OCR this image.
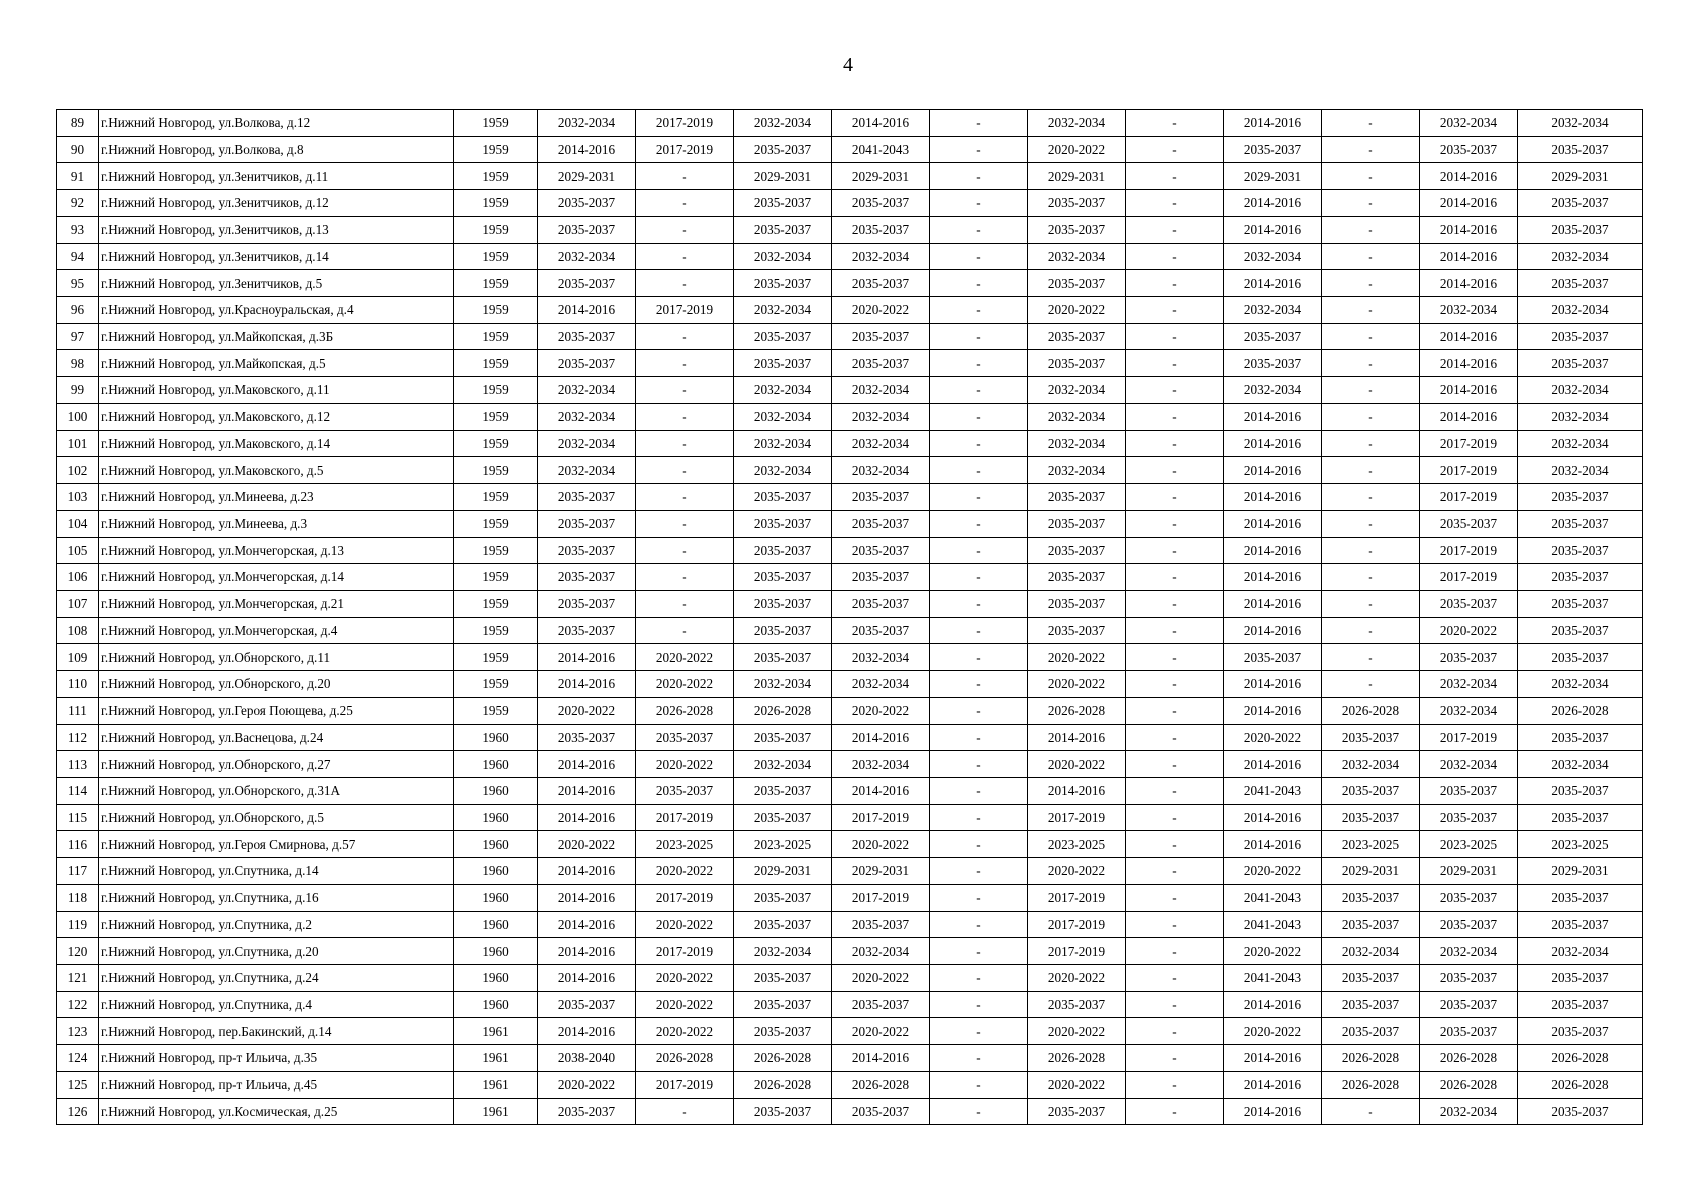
4
89	г.Нижний Новгород, ул.Волкова, д.12	1959	2032-2034	2017-2019	2032-2034	2014-2016	-	2032-2034	-	2014-2016	-	2032-2034	2032-2034
90	г.Нижний Новгород, ул.Волкова, д.8	1959	2014-2016	2017-2019	2035-2037	2041-2043	-	2020-2022	-	2035-2037	-	2035-2037	2035-2037
91	г.Нижний Новгород, ул.Зенитчиков, д.11	1959	2029-2031	-	2029-2031	2029-2031	-	2029-2031	-	2029-2031	-	2014-2016	2029-2031
92	г.Нижний Новгород, ул.Зенитчиков, д.12	1959	2035-2037	-	2035-2037	2035-2037	-	2035-2037	-	2014-2016	-	2014-2016	2035-2037
93	г.Нижний Новгород, ул.Зенитчиков, д.13	1959	2035-2037	-	2035-2037	2035-2037	-	2035-2037	-	2014-2016	-	2014-2016	2035-2037
94	г.Нижний Новгород, ул.Зенитчиков, д.14	1959	2032-2034	-	2032-2034	2032-2034	-	2032-2034	-	2032-2034	-	2014-2016	2032-2034
95	г.Нижний Новгород, ул.Зенитчиков, д.5	1959	2035-2037	-	2035-2037	2035-2037	-	2035-2037	-	2014-2016	-	2014-2016	2035-2037
96	г.Нижний Новгород, ул.Красноуральская, д.4	1959	2014-2016	2017-2019	2032-2034	2020-2022	-	2020-2022	-	2032-2034	-	2032-2034	2032-2034
97	г.Нижний Новгород, ул.Майкопская, д.3Б	1959	2035-2037	-	2035-2037	2035-2037	-	2035-2037	-	2035-2037	-	2014-2016	2035-2037
98	г.Нижний Новгород, ул.Майкопская, д.5	1959	2035-2037	-	2035-2037	2035-2037	-	2035-2037	-	2035-2037	-	2014-2016	2035-2037
99	г.Нижний Новгород, ул.Маковского, д.11	1959	2032-2034	-	2032-2034	2032-2034	-	2032-2034	-	2032-2034	-	2014-2016	2032-2034
100	г.Нижний Новгород, ул.Маковского, д.12	1959	2032-2034	-	2032-2034	2032-2034	-	2032-2034	-	2014-2016	-	2014-2016	2032-2034
101	г.Нижний Новгород, ул.Маковского, д.14	1959	2032-2034	-	2032-2034	2032-2034	-	2032-2034	-	2014-2016	-	2017-2019	2032-2034
102	г.Нижний Новгород, ул.Маковского, д.5	1959	2032-2034	-	2032-2034	2032-2034	-	2032-2034	-	2014-2016	-	2017-2019	2032-2034
103	г.Нижний Новгород, ул.Минеева, д.23	1959	2035-2037	-	2035-2037	2035-2037	-	2035-2037	-	2014-2016	-	2017-2019	2035-2037
104	г.Нижний Новгород, ул.Минеева, д.3	1959	2035-2037	-	2035-2037	2035-2037	-	2035-2037	-	2014-2016	-	2035-2037	2035-2037
105	г.Нижний Новгород, ул.Мончегорская, д.13	1959	2035-2037	-	2035-2037	2035-2037	-	2035-2037	-	2014-2016	-	2017-2019	2035-2037
106	г.Нижний Новгород, ул.Мончегорская, д.14	1959	2035-2037	-	2035-2037	2035-2037	-	2035-2037	-	2014-2016	-	2017-2019	2035-2037
107	г.Нижний Новгород, ул.Мончегорская, д.21	1959	2035-2037	-	2035-2037	2035-2037	-	2035-2037	-	2014-2016	-	2035-2037	2035-2037
108	г.Нижний Новгород, ул.Мончегорская, д.4	1959	2035-2037	-	2035-2037	2035-2037	-	2035-2037	-	2014-2016	-	2020-2022	2035-2037
109	г.Нижний Новгород, ул.Обнорского, д.11	1959	2014-2016	2020-2022	2035-2037	2032-2034	-	2020-2022	-	2035-2037	-	2035-2037	2035-2037
110	г.Нижний Новгород, ул.Обнорского, д.20	1959	2014-2016	2020-2022	2032-2034	2032-2034	-	2020-2022	-	2014-2016	-	2032-2034	2032-2034
111	г.Нижний Новгород, ул.Героя Поющева, д.25	1959	2020-2022	2026-2028	2026-2028	2020-2022	-	2026-2028	-	2014-2016	2026-2028	2032-2034	2026-2028
112	г.Нижний Новгород, ул.Васнецова, д.24	1960	2035-2037	2035-2037	2035-2037	2014-2016	-	2014-2016	-	2020-2022	2035-2037	2017-2019	2035-2037
113	г.Нижний Новгород, ул.Обнорского, д.27	1960	2014-2016	2020-2022	2032-2034	2032-2034	-	2020-2022	-	2014-2016	2032-2034	2032-2034	2032-2034
114	г.Нижний Новгород, ул.Обнорского, д.31А	1960	2014-2016	2035-2037	2035-2037	2014-2016	-	2014-2016	-	2041-2043	2035-2037	2035-2037	2035-2037
115	г.Нижний Новгород, ул.Обнорского, д.5	1960	2014-2016	2017-2019	2035-2037	2017-2019	-	2017-2019	-	2014-2016	2035-2037	2035-2037	2035-2037
116	г.Нижний Новгород, ул.Героя Смирнова, д.57	1960	2020-2022	2023-2025	2023-2025	2020-2022	-	2023-2025	-	2014-2016	2023-2025	2023-2025	2023-2025
117	г.Нижний Новгород, ул.Спутника, д.14	1960	2014-2016	2020-2022	2029-2031	2029-2031	-	2020-2022	-	2020-2022	2029-2031	2029-2031	2029-2031
118	г.Нижний Новгород, ул.Спутника, д.16	1960	2014-2016	2017-2019	2035-2037	2017-2019	-	2017-2019	-	2041-2043	2035-2037	2035-2037	2035-2037
119	г.Нижний Новгород, ул.Спутника, д.2	1960	2014-2016	2020-2022	2035-2037	2035-2037	-	2017-2019	-	2041-2043	2035-2037	2035-2037	2035-2037
120	г.Нижний Новгород, ул.Спутника, д.20	1960	2014-2016	2017-2019	2032-2034	2032-2034	-	2017-2019	-	2020-2022	2032-2034	2032-2034	2032-2034
121	г.Нижний Новгород, ул.Спутника, д.24	1960	2014-2016	2020-2022	2035-2037	2020-2022	-	2020-2022	-	2041-2043	2035-2037	2035-2037	2035-2037
122	г.Нижний Новгород, ул.Спутника, д.4	1960	2035-2037	2020-2022	2035-2037	2035-2037	-	2035-2037	-	2014-2016	2035-2037	2035-2037	2035-2037
123	г.Нижний Новгород, пер.Бакинский, д.14	1961	2014-2016	2020-2022	2035-2037	2020-2022	-	2020-2022	-	2020-2022	2035-2037	2035-2037	2035-2037
124	г.Нижний Новгород, пр-т Ильича, д.35	1961	2038-2040	2026-2028	2026-2028	2014-2016	-	2026-2028	-	2014-2016	2026-2028	2026-2028	2026-2028
125	г.Нижний Новгород, пр-т Ильича, д.45	1961	2020-2022	2017-2019	2026-2028	2026-2028	-	2020-2022	-	2014-2016	2026-2028	2026-2028	2026-2028
126	г.Нижний Новгород, ул.Космическая, д.25	1961	2035-2037	-	2035-2037	2035-2037	-	2035-2037	-	2014-2016	-	2032-2034	2035-2037
